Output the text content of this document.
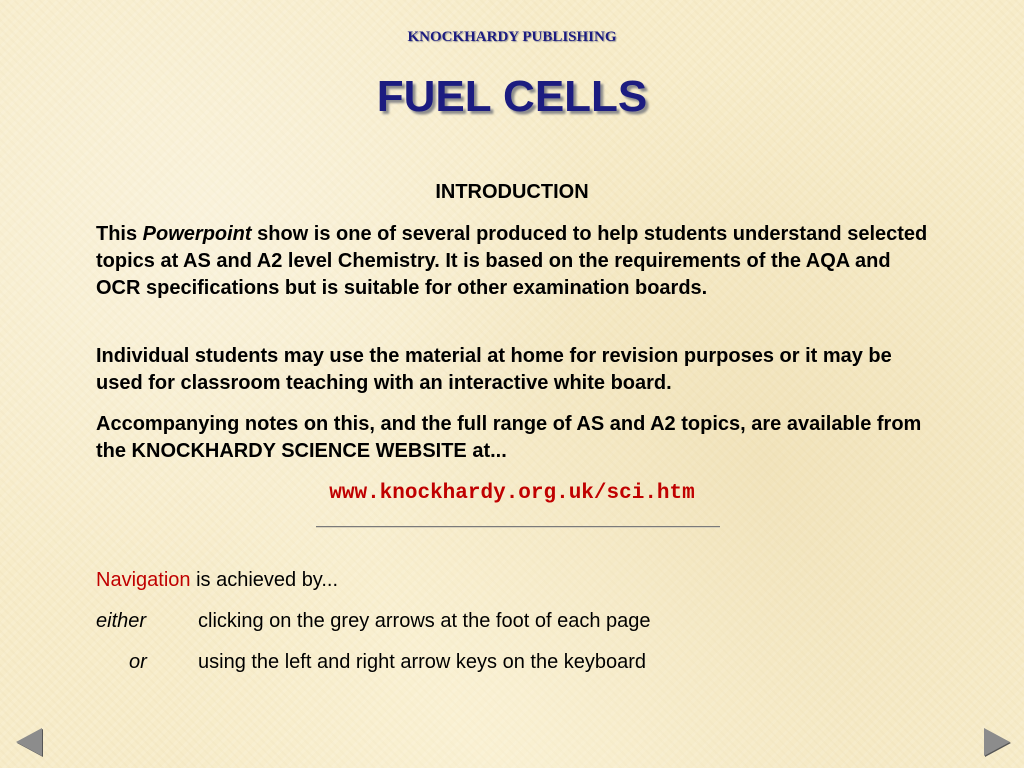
KNOCKHARDY PUBLISHING
FUEL CELLS
INTRODUCTION

This Powerpoint show is one of several produced to help students understand selected topics at AS and A2 level Chemistry. It is based on the requirements of the AQA and OCR specifications but is suitable for other examination boards.

Individual students may use the material at home for revision purposes or it may be used for classroom teaching with an interactive white board.

Accompanying notes on this, and the full range of AS and A2 topics, are available from the KNOCKHARDY SCIENCE WEBSITE at...

www.knockhardy.org.uk/sci.htm
Navigation is achieved by...
either	clicking on the grey arrows at the foot of each page
or	using the left and right arrow keys on the keyboard
